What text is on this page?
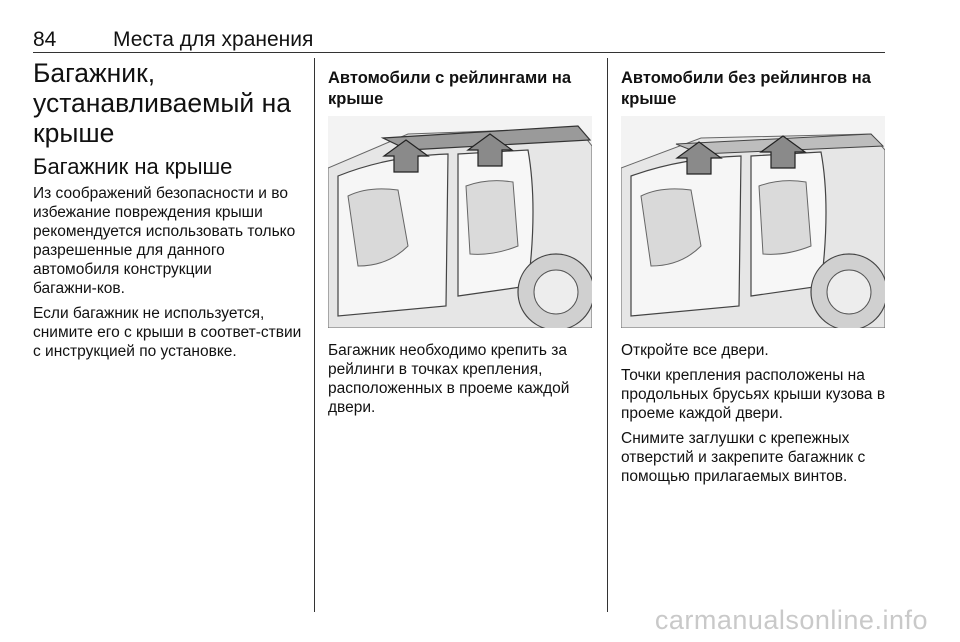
84	Места для хранения
Багажник, устанавливаемый на крыше
Багажник на крыше

Из соображений безопасности и во избежание повреждения крыши рекомендуется использовать только разрешенные для данного автомобиля конструкции багажни‑ков.

Если багажник не используется, снимите его с крыши в соответ‑ствии с инструкцией по установке.

Автомобили с рейлингами на крыше
Багажник необходимо крепить за рейлинги в точках крепления, расположенных в проеме каждой двери.
Автомобили без рейлингов на крыше

Откройте все двери.

Точки крепления расположены на продольных брусьях крыши кузова в проеме каждой двери.

Снимите заглушки с крепежных отверстий и закрепите багажник с помощью прилагаемых винтов.

carmanualsonline.info
